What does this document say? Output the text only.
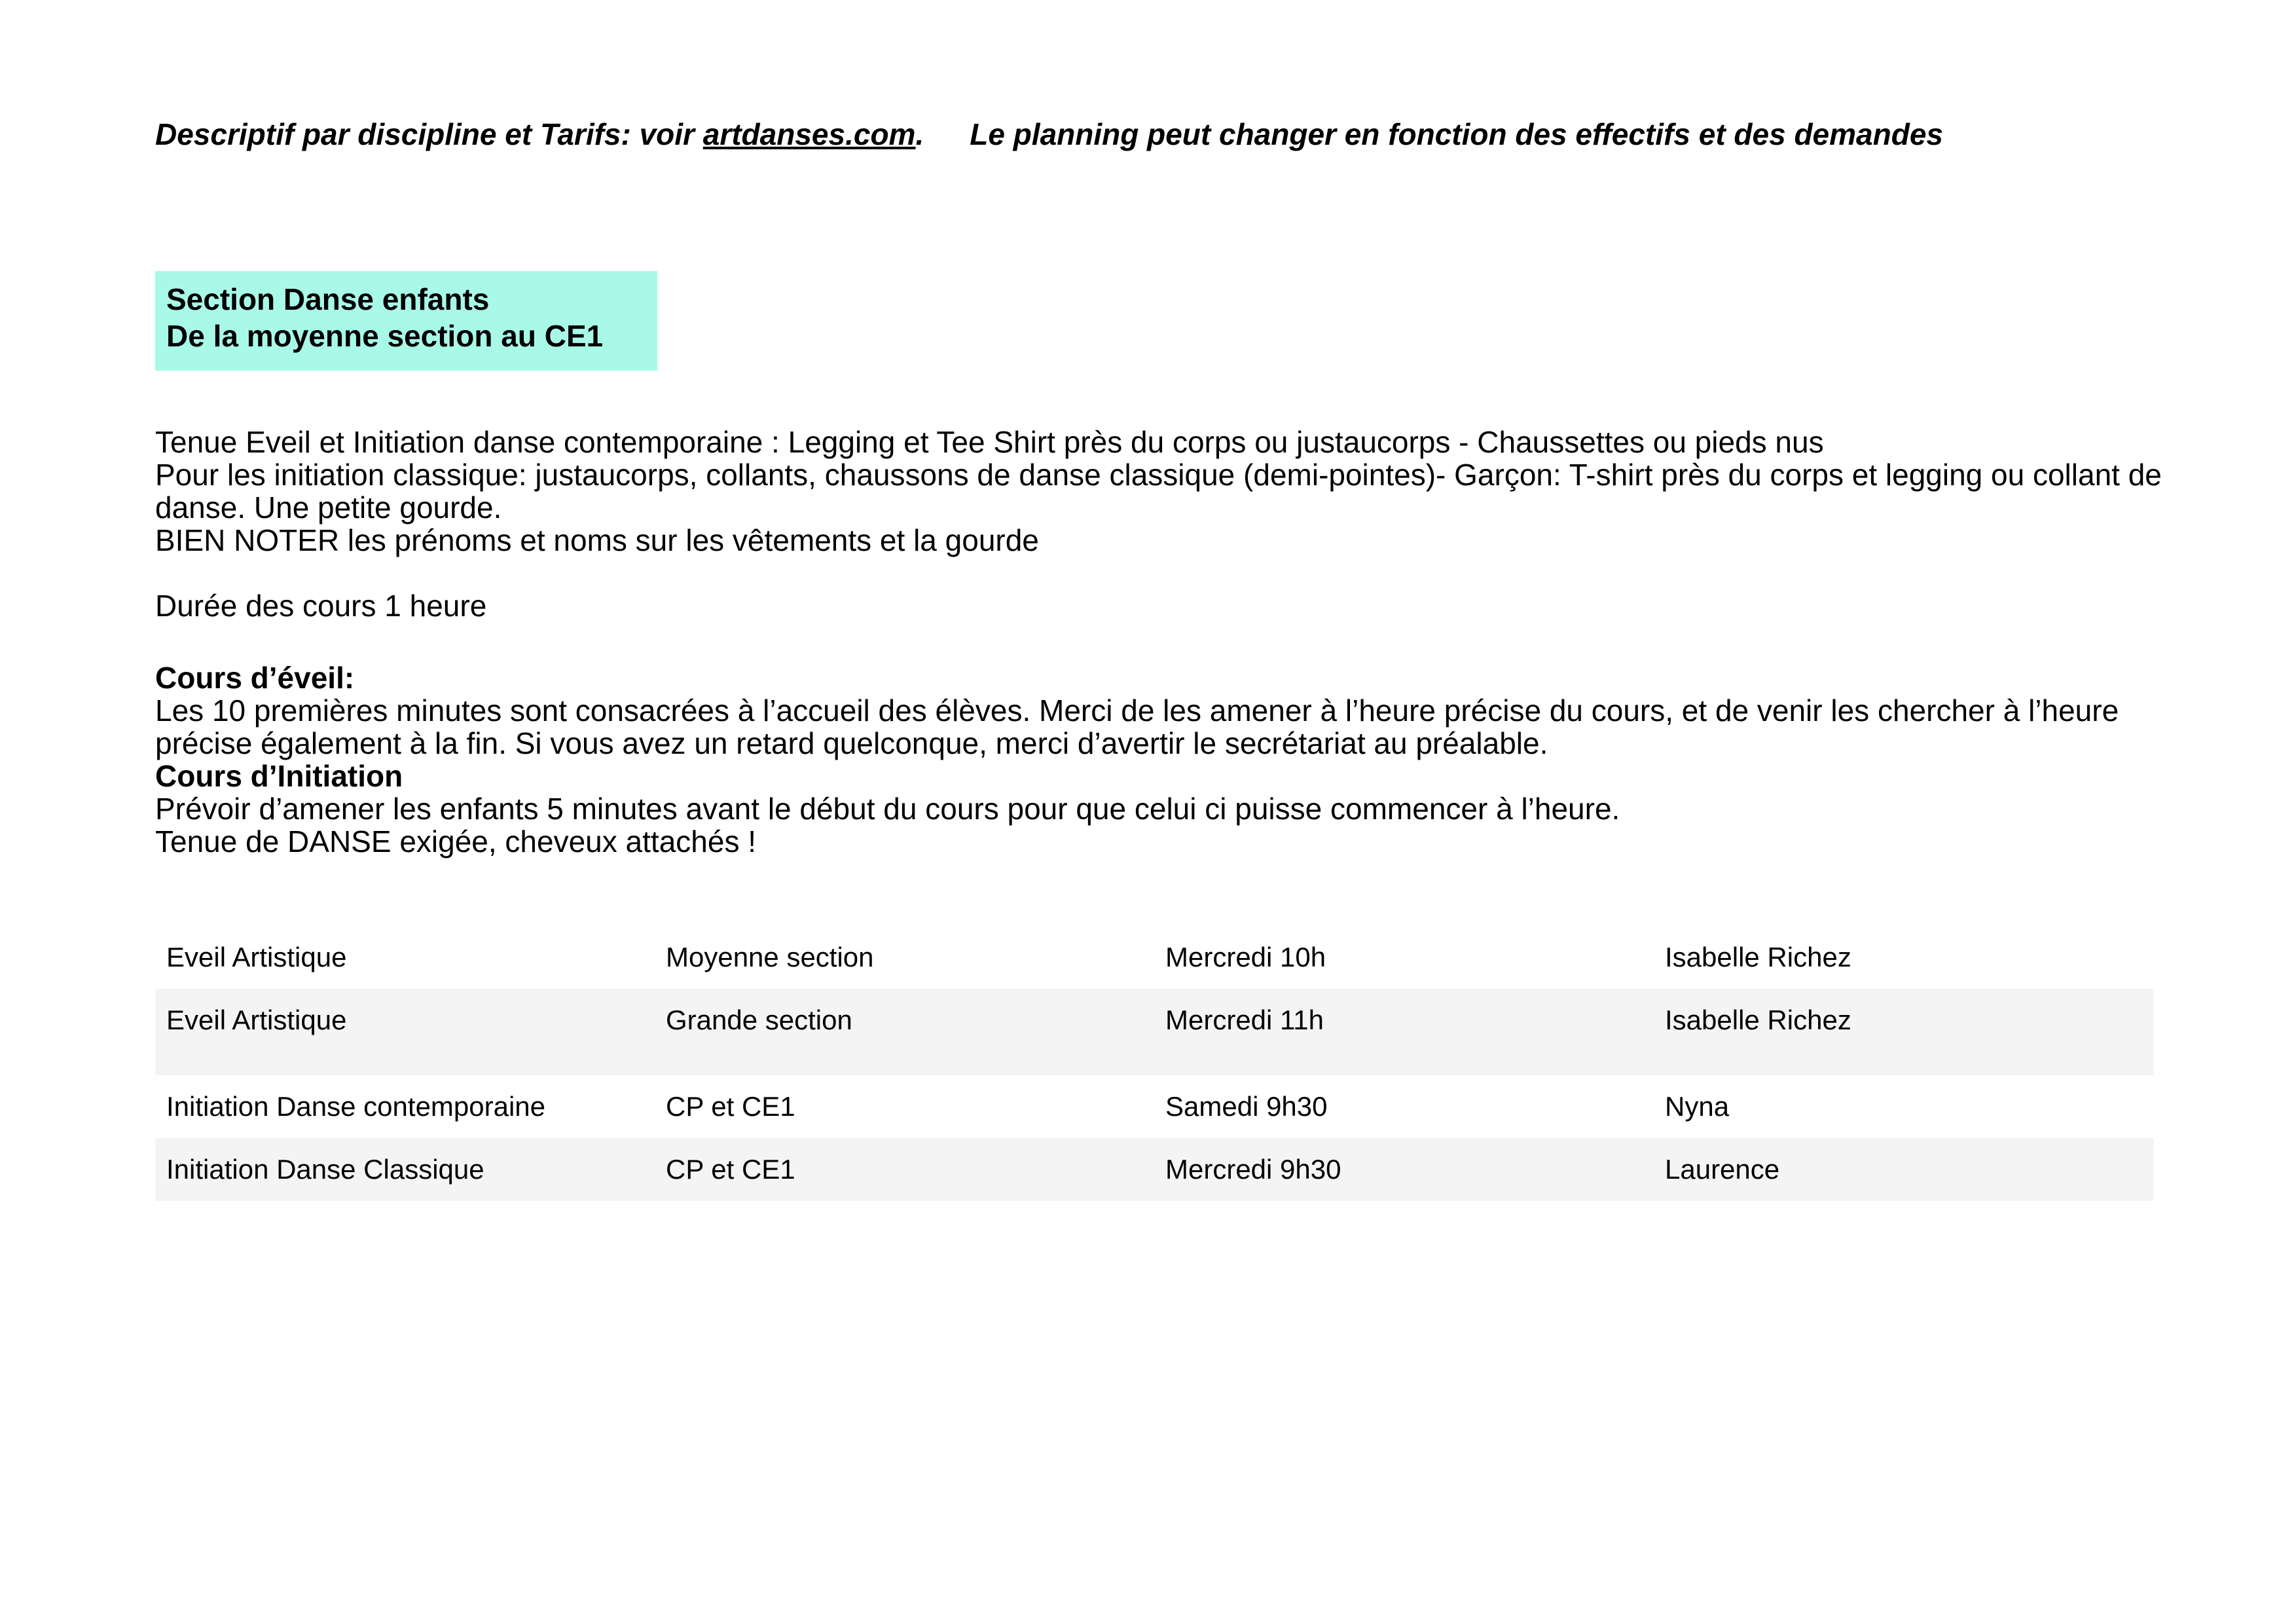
Descriptif par discipline et Tarifs: voir artdanses.com. Le planning peut changer en fonction des effectifs et des demandes
Section Danse enfants
De la moyenne section au CE1

Tenue Eveil et Initiation danse contemporaine : Legging et Tee Shirt près du corps ou justaucorps - Chaussettes ou pieds nus

Pour les initiation classique: justaucorps, collants, chaussons de danse classique (demi-pointes)- Garçon: T-shirt près du corps et legging ou collant de danse. Une petite gourde.

BIEN NOTER les prénoms et noms sur les vêtements et la gourde

Durée des cours 1 heure

Cours d’éveil:

Les 10 premières minutes sont consacrées à l’accueil des élèves. Merci de les amener à l’heure précise du cours, et de venir les chercher à l’heure précise également à la fin. Si vous avez un retard quelconque, merci d’avertir le secrétariat au préalable.

Cours d’Initiation

Prévoir d’amener les enfants 5 minutes avant le début du cours pour que celui ci puisse commencer à l’heure.

Tenue de DANSE exigée, cheveux attachés !

Eveil Artistique	Moyenne section	Mercredi 10h	Isabelle Richez
Eveil Artistique	Grande section	Mercredi 11h	Isabelle Richez
Initiation Danse contemporaine	CP et CE1	Samedi 9h30	Nyna
Initiation Danse Classique	CP et CE1	Mercredi 9h30	Laurence
